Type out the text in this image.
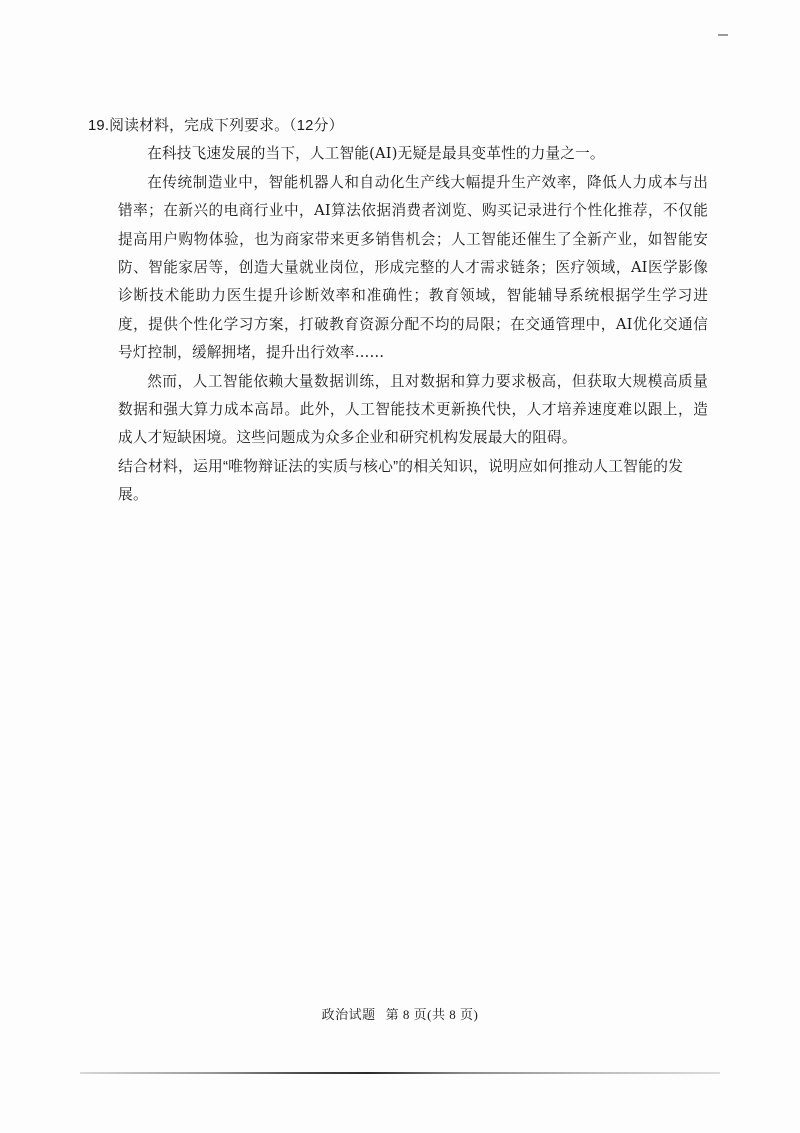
19.阅读材料，完成下列要求。（12分）

在科技飞速发展的当下，人工智能(AI)无疑是最具变革性的力量之一。

在传统制造业中，智能机器人和自动化生产线大幅提升生产效率，降低人力成本与出错率；在新兴的电商行业中，AI算法依据消费者浏览、购买记录进行个性化推荐，不仅能提高用户购物体验，也为商家带来更多销售机会；人工智能还催生了全新产业，如智能安防、智能家居等，创造大量就业岗位，形成完整的人才需求链条；医疗领域，AI医学影像诊断技术能助力医生提升诊断效率和准确性；教育领域，智能辅导系统根据学生学习进度，提供个性化学习方案，打破教育资源分配不均的局限；在交通管理中，AI优化交通信号灯控制，缓解拥堵，提升出行效率……

然而，人工智能依赖大量数据训练，且对数据和算力要求极高，但获取大规模高质量数据和强大算力成本高昂。此外，人工智能技术更新换代快，人才培养速度难以跟上，造成人才短缺困境。这些问题成为众多企业和研究机构发展最大的阻碍。

结合材料，运用“唯物辩证法的实质与核心”的相关知识，说明应如何推动人工智能的发展。

政治试题 第 8 页(共 8 页)
